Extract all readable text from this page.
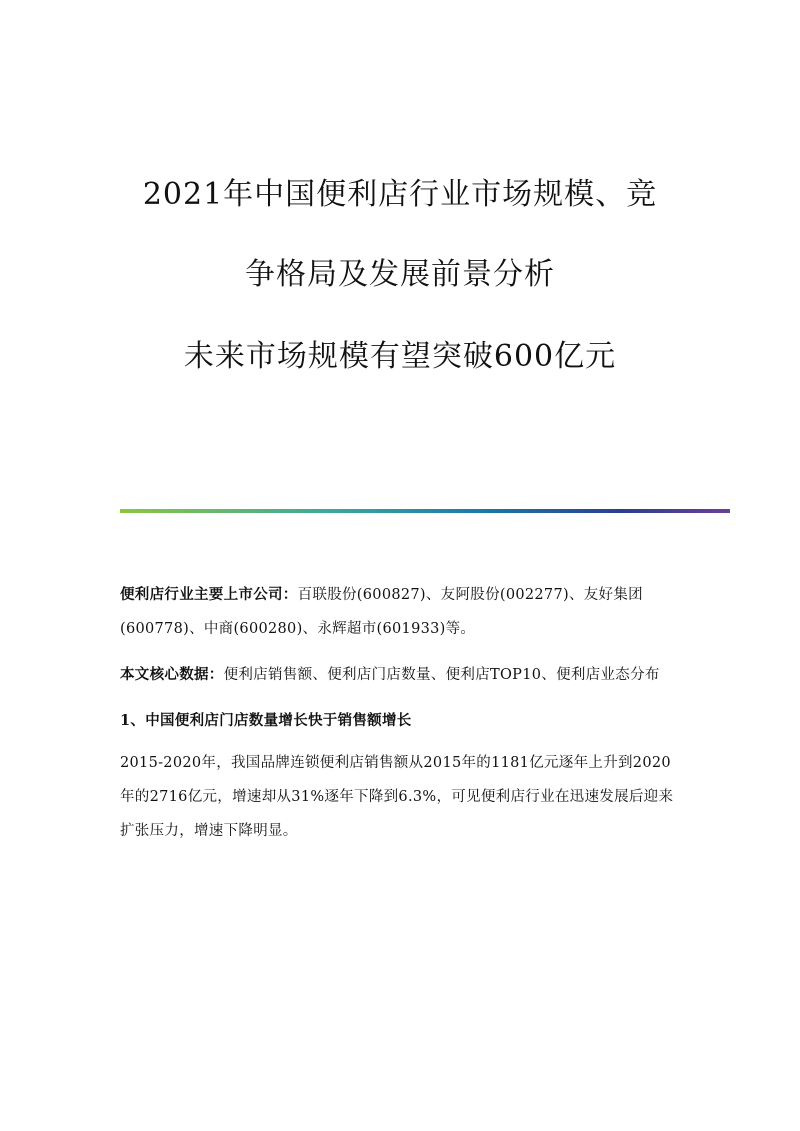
2021年中国便利店行业市场规模、竞
争格局及发展前景分析
未来市场规模有望突破600亿元

便利店行业主要上市公司：百联股份(600827)、友阿股份(002277)、友好集团(600778)、中商(600280)、永辉超市(601933)等。

本文核心数据：便利店销售额、便利店门店数量、便利店TOP10、便利店业态分布

1、中国便利店门店数量增长快于销售额增长

2015-2020年，我国品牌连锁便利店销售额从2015年的1181亿元逐年上升到2020年的2716亿元，增速却从31%逐年下降到6.3%，可见便利店行业在迅速发展后迎来扩张压力，增速下降明显。
